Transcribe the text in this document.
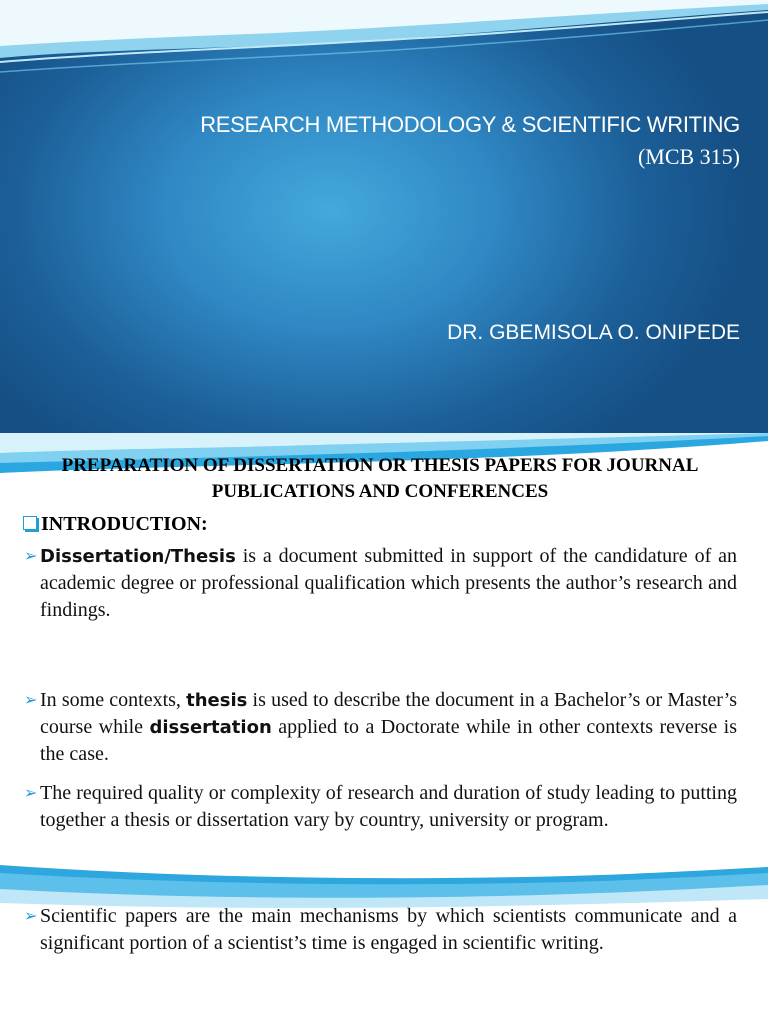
RESEARCH METHODOLOGY & SCIENTIFIC WRITING
(MCB 315)
DR. GBEMISOLA O. ONIPEDE
PREPARATION OF DISSERTATION OR THESIS PAPERS FOR JOURNAL
PUBLICATIONS AND CONFERENCES
INTRODUCTION:
➢ Dissertation/Thesis is a document submitted in support of the candidature of an academic degree or professional qualification which presents the author’s research and findings.
➢ In some contexts, thesis is used to describe the document in a Bachelor’s or Master’s course while dissertation applied to a Doctorate while in other contexts reverse is the case.
➢ The required quality or complexity of research and duration of study leading to putting together a thesis or dissertation vary by country, university or program.
➢ Scientific papers are the main mechanisms by which scientists communicate and a significant portion of a scientist’s time is engaged in scientific writing.
